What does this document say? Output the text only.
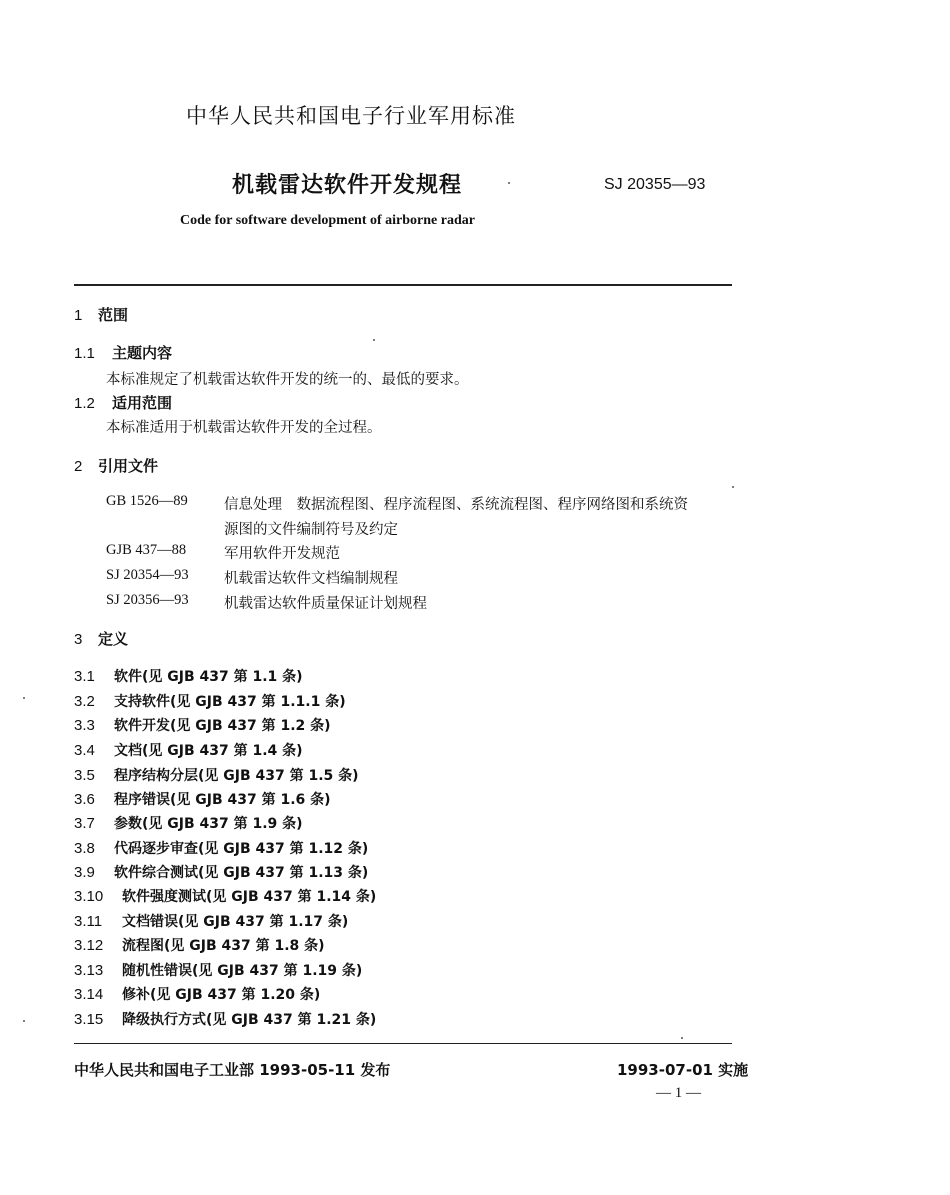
中华人民共和国电子行业军用标准
机载雷达软件开发规程	SJ 20355—93
Code for software development of airborne radar
1 范围
1.1 主题内容
本标准规定了机载雷达软件开发的统一的、最低的要求。
1.2 适用范围
本标准适用于机载雷达软件开发的全过程。
2 引用文件
GB 1526—89 信息处理　数据流程图、程序流程图、系统流程图、程序网络图和系统资
源图的文件编制符号及约定
GJB 437—88	军用软件开发规范
SJ 20354—93 机载雷达软件文档编制规程
SJ 20356—93 机载雷达软件质量保证计划规程
3 定义
3.1 软件(见 GJB 437 第 1.1 条)
3.2 支持软件(见 GJB 437 第 1.1.1 条)
3.3 软件开发(见 GJB 437 第 1.2 条)
3.4 文档(见 GJB 437 第 1.4 条)
3.5 程序结构分层(见 GJB 437 第 1.5 条)
3.6 程序错误(见 GJB 437 第 1.6 条)
3.7 参数(见 GJB 437 第 1.9 条)
3.8 代码逐步审查(见 GJB 437 第 1.12 条)
3.9 软件综合测试(见 GJB 437 第 1.13 条)
3.10 软件强度测试(见 GJB 437 第 1.14 条)
3.11 文档错误(见 GJB 437 第 1.17 条)
3.12 流程图(见 GJB 437 第 1.8 条)
3.13 随机性错误(见 GJB 437 第 1.19 条)
3.14 修补(见 GJB 437 第 1.20 条)
3.15 降级执行方式(见 GJB 437 第 1.21 条)
中华人民共和国电子工业部 1993-05-11 发布	1993-07-01 实施
— 1 —
